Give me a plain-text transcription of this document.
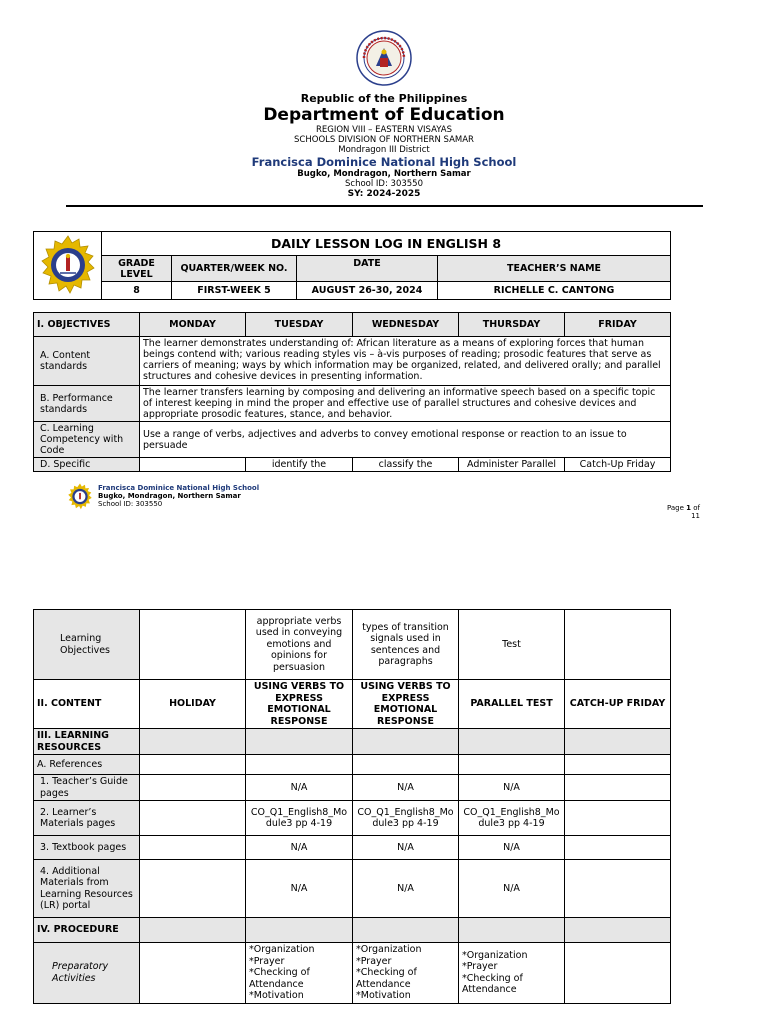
Republic of the Philippines
Department of Education
REGION VIII – EASTERN VISAYAS
SCHOOLS DIVISION OF NORTHERN SAMAR
Mondragon III District
Francisca Dominice National High School
Bugko, Mondragon, Northern Samar
School ID: 303550
SY: 2024-2025
	DAILY LESSON LOG IN ENGLISH 8			
	GRADE LEVEL	QUARTER/WEEK NO.	DATE	TEACHER’S NAME
	8	FIRST-WEEK 5	AUGUST 26-30, 2024	RICHELLE C. CANTONG
I. OBJECTIVES	MONDAY	TUESDAY	WEDNESDAY	THURSDAY	FRIDAY
A. Content standards	The learner demonstrates understanding of: African literature as a means of exploring forces that human beings contend with; various reading styles vis – à-vis purposes of reading; prosodic features that serve as carriers of meaning; ways by which information may be organized, related, and delivered orally; and parallel structures and cohesive devices in presenting information.				
B. Performance standards	The learner transfers learning by composing and delivering an informative speech based on a specific topic of interest keeping in mind the proper and effective use of parallel structures and cohesive devices and appropriate prosodic features, stance, and behavior.				
C. Learning Competency with Code	Use a range of verbs, adjectives and adverbs to convey emotional response or reaction to an issue to persuade				
D. Specific		identify the	classify the	Administer Parallel	Catch-Up Friday
Francisca Dominice National High School
Bugko, Mondragon, Northern Samar
School ID: 303550	Page 1 of
11
Learning Objectives		appropriate verbs used in conveying emotions and opinions for persuasion	types of transition signals used in sentences and paragraphs	Test	
II. CONTENT	HOLIDAY	USING VERBS TO EXPRESS EMOTIONAL RESPONSE	USING VERBS TO EXPRESS EMOTIONAL RESPONSE	PARALLEL TEST	CATCH-UP FRIDAY
III. LEARNING RESOURCES					
A. References					
1. Teacher’s Guide pages		N/A	N/A	N/A	
2. Learner’s Materials pages		CO_Q1_English8_Module3 pp 4-19	CO_Q1_English8_Module3 pp 4-19	CO_Q1_English8_Module3 pp 4-19	
3. Textbook pages		N/A	N/A	N/A	
4. Additional Materials from Learning Resources (LR) portal		N/A	N/A	N/A	
IV. PROCEDURE					
Preparatory Activities		*Organization
*Prayer
*Checking of Attendance
*Motivation	*Organization
*Prayer
*Checking of Attendance
*Motivation	*Organization
*Prayer
*Checking of Attendance	
